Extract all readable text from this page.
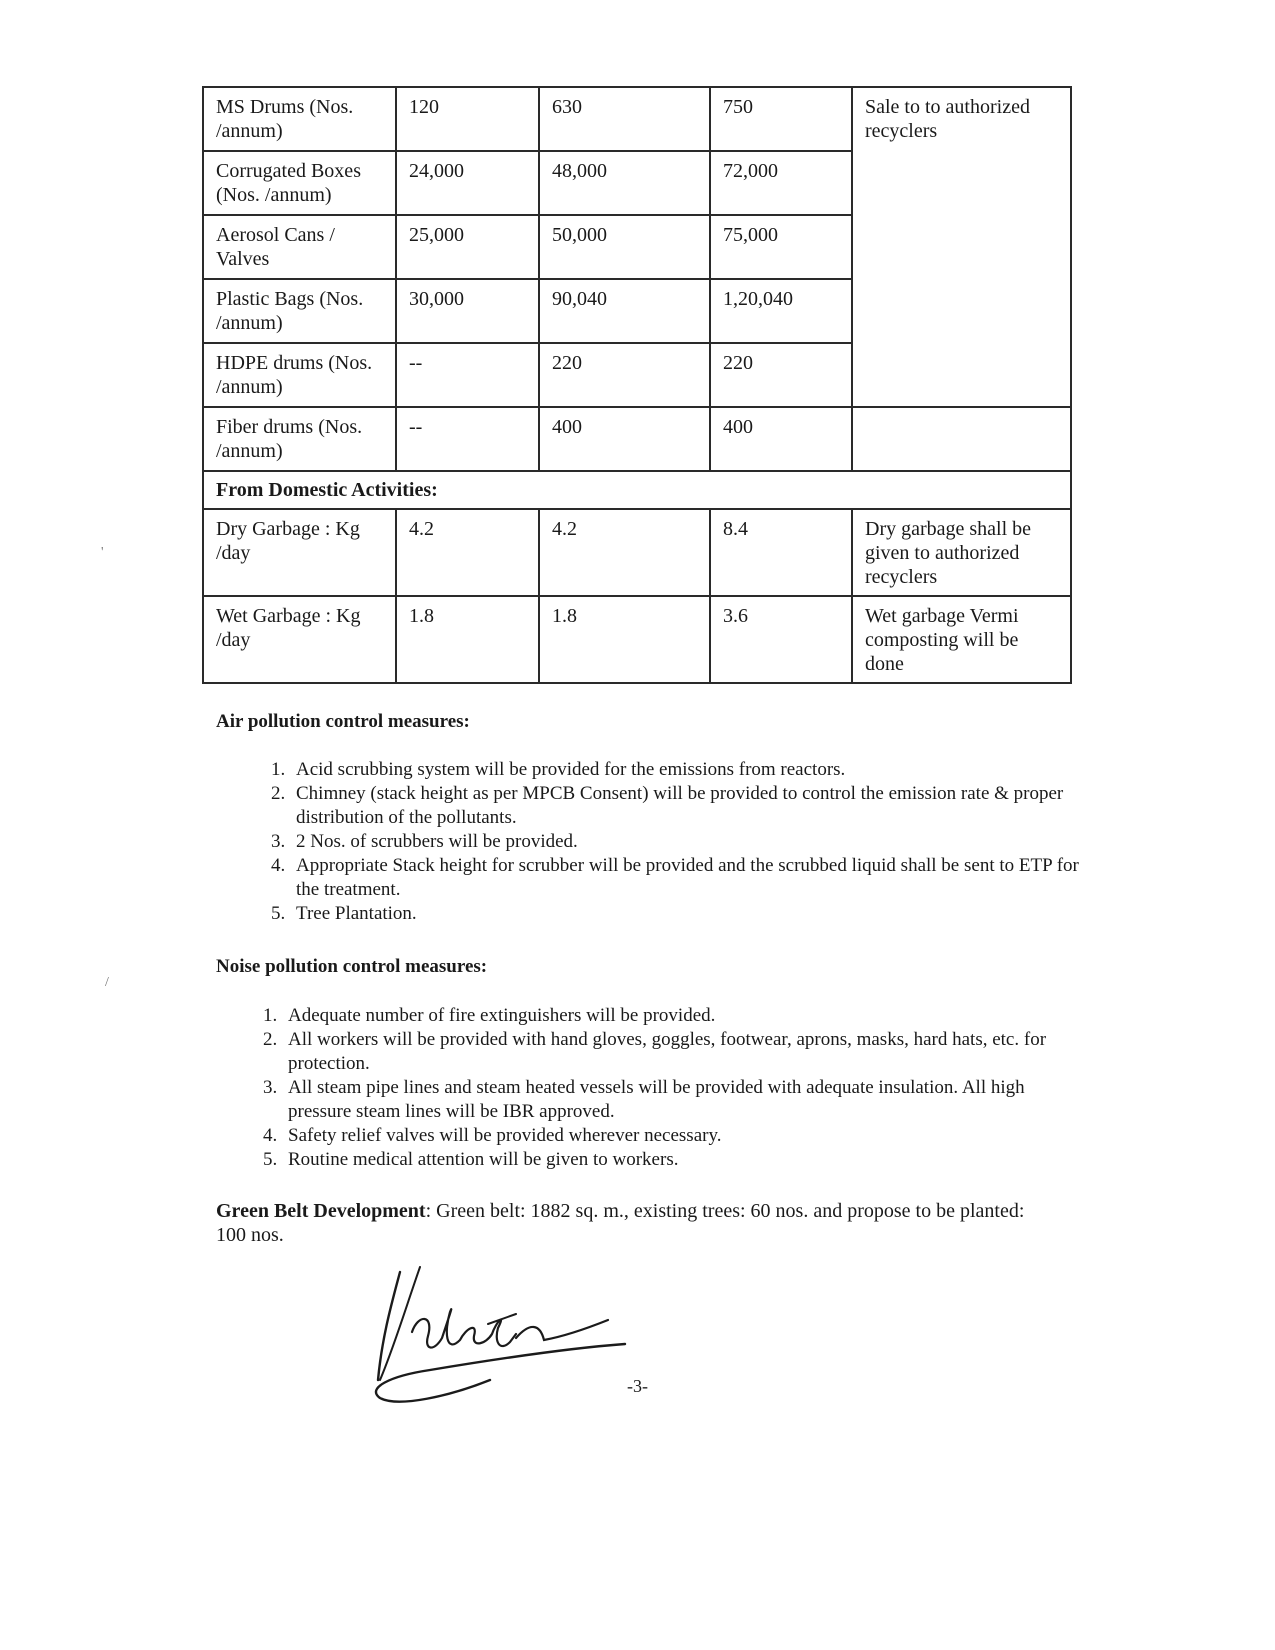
'
/
MS Drums (Nos. /annum)	120	630	750	Sale to to authorized recyclers
Corrugated Boxes (Nos. /annum)	24,000	48,000	72,000	
Aerosol Cans / Valves	25,000	50,000	75,000	
Plastic Bags (Nos. /annum)	30,000	90,040	1,20,040	
HDPE drums (Nos. /annum)	--	220	220	
Fiber drums (Nos. /annum)	--	400	400	
From Domestic Activities:				
Dry Garbage : Kg /day	4.2	4.2	8.4	Dry garbage shall be given to authorized recyclers
Wet Garbage : Kg /day	1.8	1.8	3.6	Wet garbage Vermi composting will be done
Air pollution control measures:
1. Acid scrubbing system will be provided for the emissions from reactors.
2. Chimney (stack height as per MPCB Consent) will be provided to control the emission rate & proper distribution of the pollutants.
3. 2 Nos. of scrubbers will be provided.
4. Appropriate Stack height for scrubber will be provided and the scrubbed liquid shall be sent to ETP for the treatment.
5. Tree Plantation.
Noise pollution control measures:
1. Adequate number of fire extinguishers will be provided.
2. All workers will be provided with hand gloves, goggles, footwear, aprons, masks, hard hats, etc. for protection.
3. All steam pipe lines and steam heated vessels will be provided with adequate insulation. All high pressure steam lines will be IBR approved.
4. Safety relief valves will be provided wherever necessary.
5. Routine medical attention will be given to workers.
Green Belt Development: Green belt: 1882 sq. m., existing trees: 60 nos. and propose to be planted: 100 nos.
-3-
